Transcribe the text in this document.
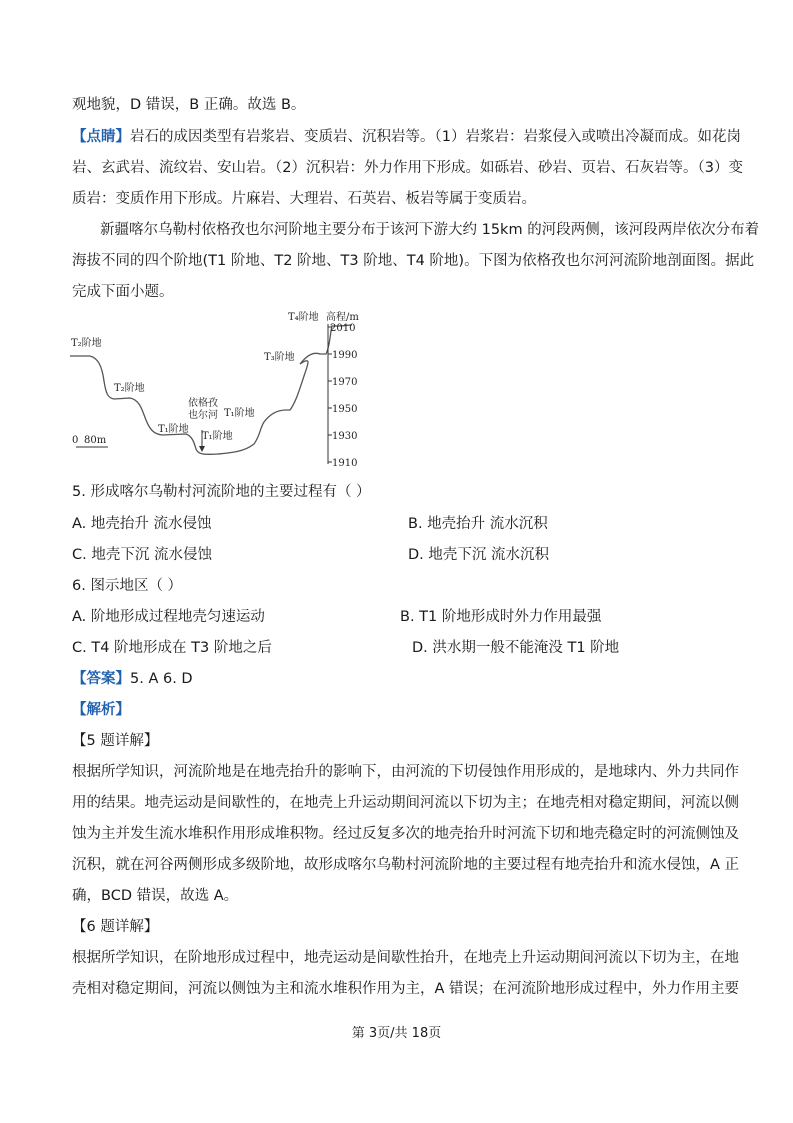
观地貌，D 错误，B 正确。故选 B。
【点睛】岩石的成因类型有岩浆岩、变质岩、沉积岩等。（1）岩浆岩：岩浆侵入或喷出冷凝而成。如花岗
岩、玄武岩、流纹岩、安山岩。（2）沉积岩：外力作用下形成。如砾岩、砂岩、页岩、石灰岩等。（3）变
质岩：变质作用下形成。片麻岩、大理岩、石英岩、板岩等属于变质岩。
新疆喀尔乌勒村依格孜也尔河阶地主要分布于该河下游大约 15km 的河段两侧，该河段两岸依次分布着
海拔不同的四个阶地(T1 阶地、T2 阶地、T3 阶地、T4 阶地)。下图为依格孜也尔河河流阶地剖面图。据此
完成下面小题。
T₂阶地
T₂阶地
T₁阶地
依格孜
也尔河 T₁阶地
T₁阶地
T₃阶地
T₄阶地 高程/m
0 80m
2010
1990
1970
1950
1930
1910
5. 形成喀尔乌勒村河流阶地的主要过程有（ ）
A. 地壳抬升 流水侵蚀	B. 地壳抬升 流水沉积
C. 地壳下沉 流水侵蚀	D. 地壳下沉 流水沉积
6. 图示地区（ ）
A. 阶地形成过程地壳匀速运动	B. T1 阶地形成时外力作用最强
C. T4 阶地形成在 T3 阶地之后	D. 洪水期一般不能淹没 T1 阶地
【答案】5. A 6. D
【解析】
【5 题详解】
根据所学知识，河流阶地是在地壳抬升的影响下，由河流的下切侵蚀作用形成的，是地球内、外力共同作
用的结果。地壳运动是间歇性的，在地壳上升运动期间河流以下切为主；在地壳相对稳定期间，河流以侧
蚀为主并发生流水堆积作用形成堆积物。经过反复多次的地壳抬升时河流下切和地壳稳定时的河流侧蚀及
沉积，就在河谷两侧形成多级阶地，故形成喀尔乌勒村河流阶地的主要过程有地壳抬升和流水侵蚀，A 正
确，BCD 错误，故选 A。
【6 题详解】
根据所学知识，在阶地形成过程中，地壳运动是间歇性抬升，在地壳上升运动期间河流以下切为主，在地
壳相对稳定期间，河流以侧蚀为主和流水堆积作用为主，A 错误；在河流阶地形成过程中，外力作用主要
第 3页/共 18页
